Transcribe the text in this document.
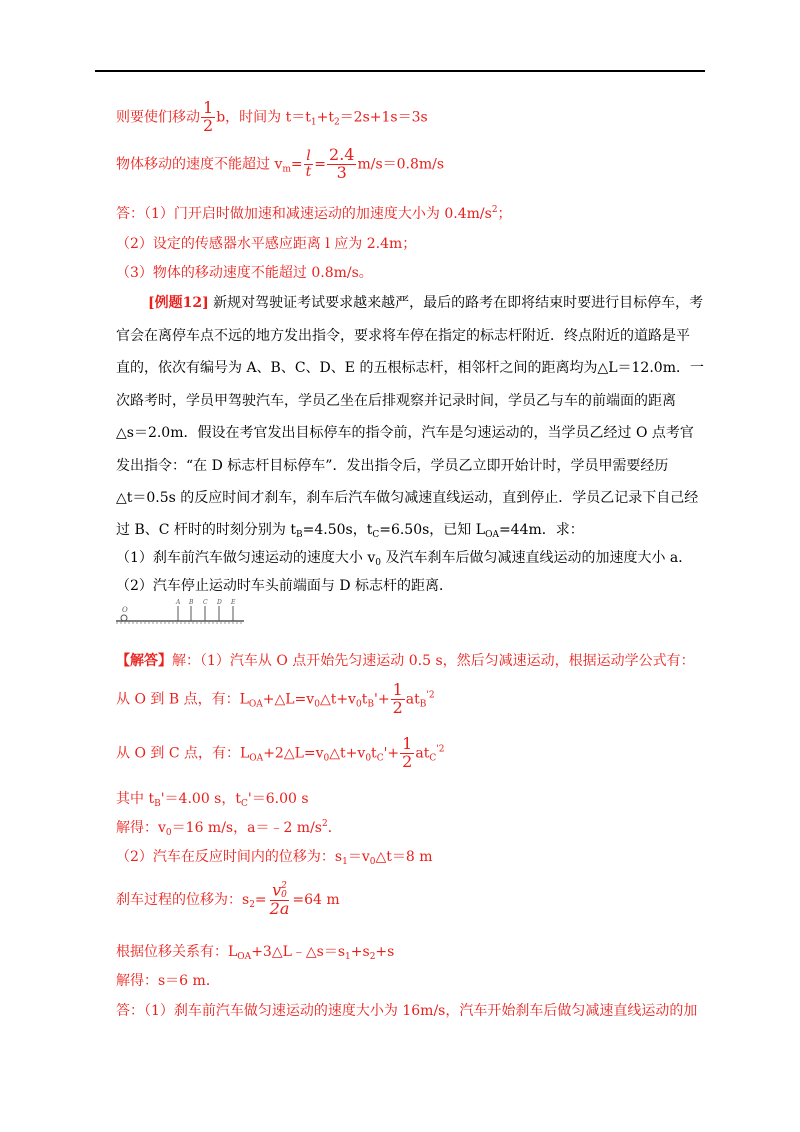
则要使们移动 $\frac{1}{2}$ b，时间为 $t=t_1+t_2=2s+1s=3s$
物体移动的速度不能超过 $v_m= \frac{l}{t} = \frac{2.4}{3} m/s=0.8m/s$
答：（1）门开启时做加速和减速运动的加速度大小为 $0.4m/s^2$；
（2）设定的传感器水平感应距离 l 应为 2.4m；
（3）物体的移动速度不能超过 0.8m/s。
[例题12] 新规对驾驶证考试要求越来越严，最后的路考在即将结束时要进行目标停车，考
官会在离停车点不远的地方发出指令，要求将车停在指定的标志杆附近．终点附近的道路是平
直的，依次有编号为 A、B、C、D、E 的五根标志杆，相邻杆之间的距离均为△L＝12.0m．一
次路考时，学员甲驾驶汽车，学员乙坐在后排观察并记录时间，学员乙与车的前端面的距离
△s＝2.0m．假设在考官发出目标停车的指令前，汽车是匀速运动的，当学员乙经过 O 点考官
发出指令：“在 D 标志杆目标停车”．发出指令后，学员乙立即开始计时，学员甲需要经历
△t＝0.5s 的反应时间才刹车，刹车后汽车做匀减速直线运动，直到停止．学员乙记录下自己经
过 B、C 杆时的时刻分别为 $t_B=4.50s$，$t_C=6.50s$，已知 $L_{OA}=44m$．求：
（1）刹车前汽车做匀速运动的速度大小 $v_0$ 及汽车刹车后做匀减速直线运动的加速度大小 a．
（2）汽车停止运动时车头前端面与 D 标志杆的距离．
O
A B C D E
【解答】解：（1）汽车从 O 点开始先匀速运动 0.5 s，然后匀减速运动，根据运动学公式有：
从 O 到 B 点，有：$L_{OA}+\triangle L=v_0\triangle t+v_0t_B'+ \frac{1}{2} at_B^{'2}$
从 O 到 C 点，有：$L_{OA}+2\triangle L=v_0\triangle t+v_0t_C'+ \frac{1}{2} at_C^{'2}$
其中 $t_B'=4.00$ s，$t_C'=6.00$ s
解得：$v_0=16$ m/s，a＝﹣2 $m/s^2$．
（2）汽车在反应时间内的位移为：$s_1=v_0\triangle t=8$ m
刹车过程的位移为：$s_2= v$ 2
0
2a =64 m
根据位移关系有：$L_{OA}+3\triangle L﹣\triangle s=s_1+s_2+s$
解得：s＝6 m．
答：（1）刹车前汽车做匀速运动的速度大小为 16m/s，汽车开始刹车后做匀减速直线运动的加
